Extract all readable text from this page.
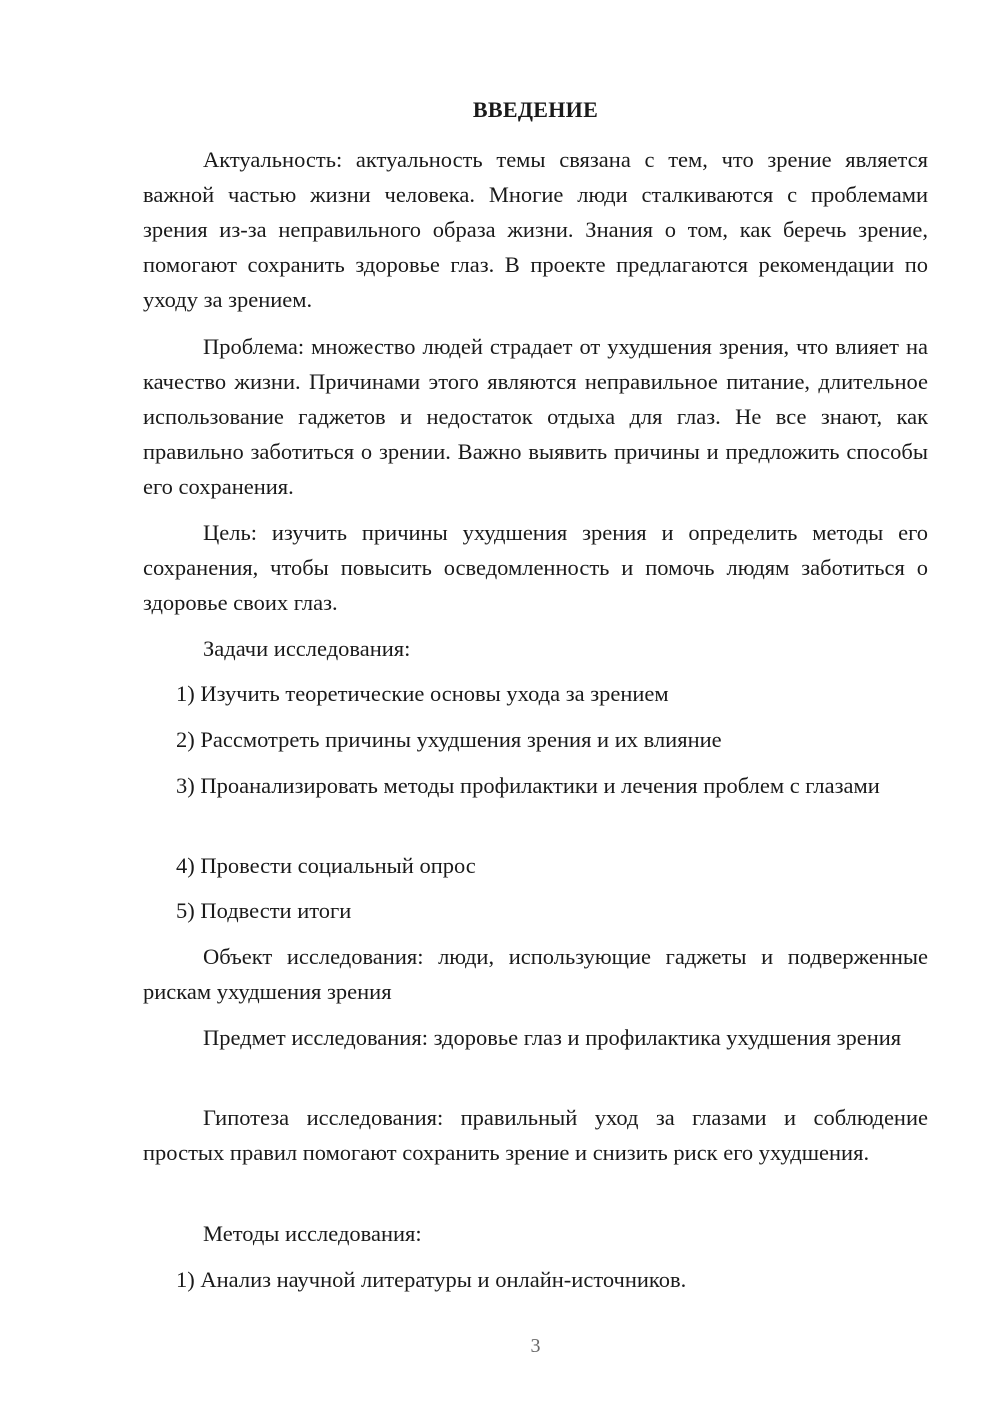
ВВЕДЕНИЕ

Актуальность: актуальность темы связана с тем, что зрение является важной частью жизни человека. Многие люди сталкиваются с проблемами зрения из-за неправильного образа жизни. Знания о том, как беречь зрение, помогают сохранить здоровье глаз. В проекте предлагаются рекомендации по уходу за зрением.

Проблема: множество людей страдает от ухудшения зрения, что влияет на качество жизни. Причинами этого являются неправильное питание, длительное использование гаджетов и недостаток отдыха для глаз. Не все знают, как правильно заботиться о зрении. Важно выявить причины и предложить способы его сохранения.

Цель: изучить причины ухудшения зрения и определить методы его сохранения, чтобы повысить осведомленность и помочь людям заботиться о здоровье своих глаз.

Задачи исследования:

1) Изучить теоретические основы ухода за зрением

2) Рассмотреть причины ухудшения зрения и их влияние

3) Проанализировать методы профилактики и лечения проблем с глазами

4) Провести социальный опрос

5) Подвести итоги

Объект исследования: люди, использующие гаджеты и подверженные рискам ухудшения зрения

Предмет исследования: здоровье глаз и профилактика ухудшения зрения

Гипотеза исследования: правильный уход за глазами и соблюдение простых правил помогают сохранить зрение и снизить риск его ухудшения.

Методы исследования:

1) Анализ научной литературы и онлайн-источников.

3
